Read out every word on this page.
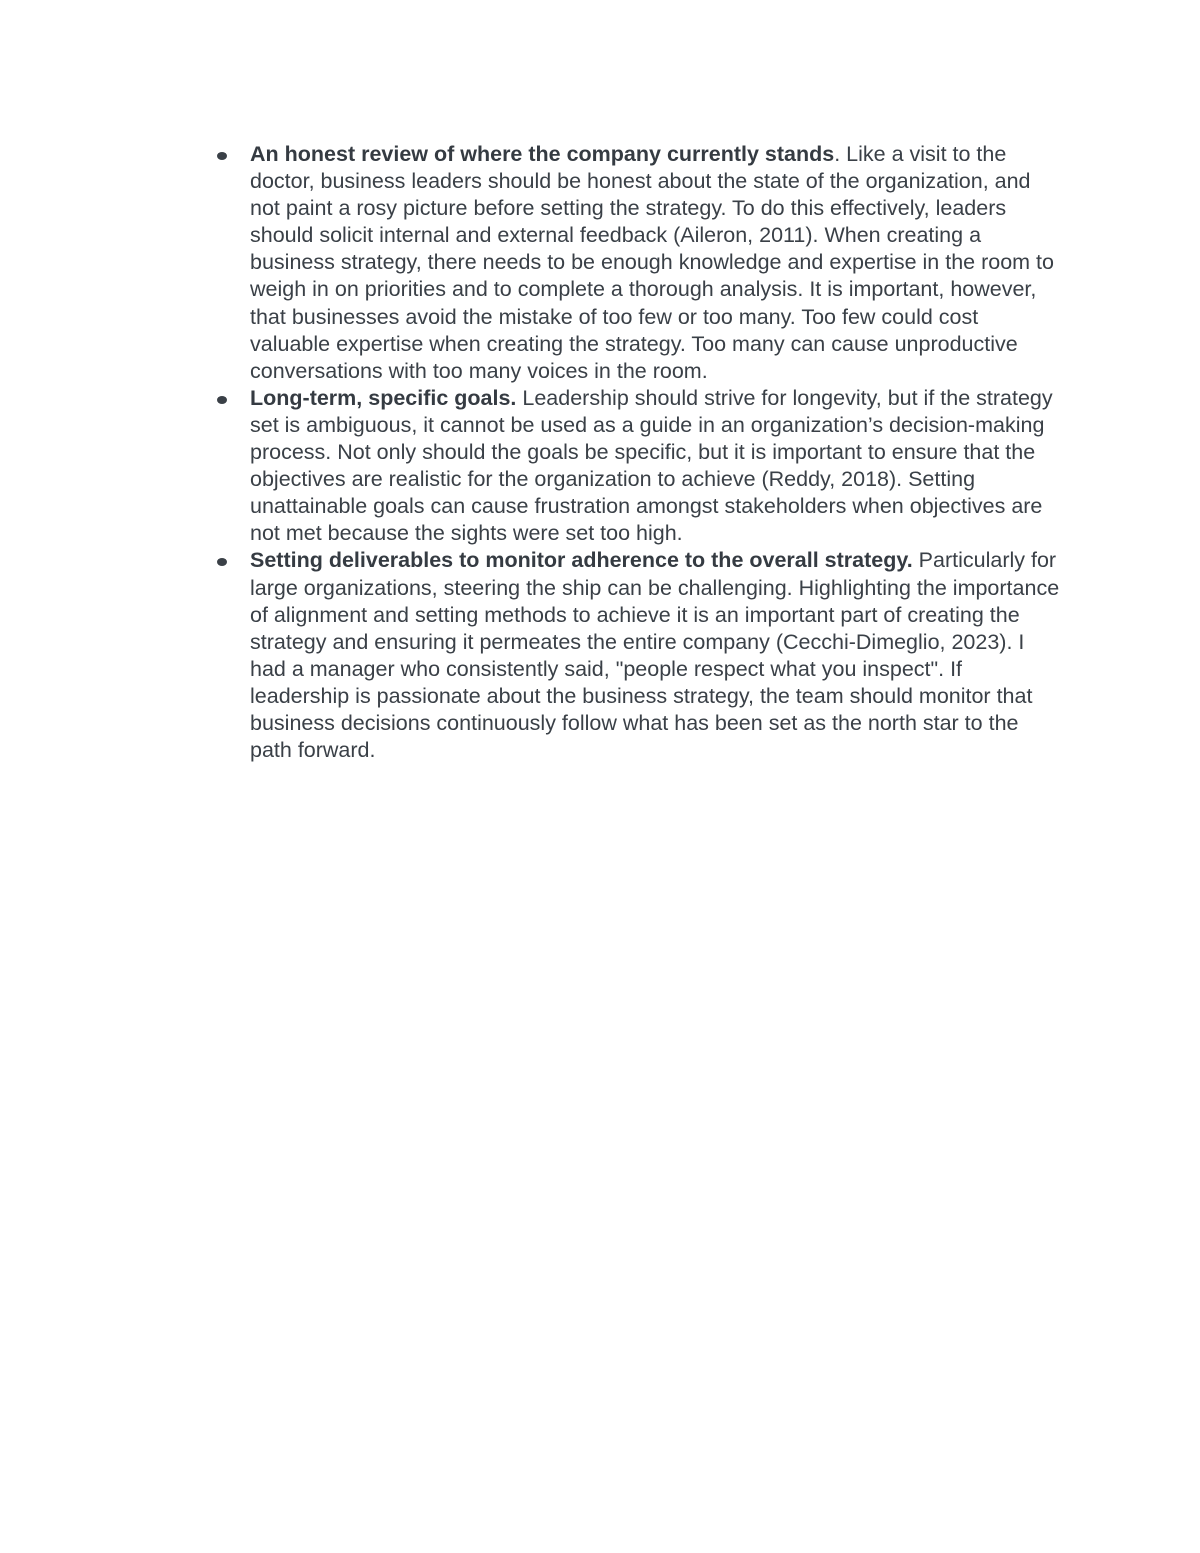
An honest review of where the company currently stands. Like a visit to the doctor, business leaders should be honest about the state of the organization, and not paint a rosy picture before setting the strategy. To do this effectively, leaders should solicit internal and external feedback (Aileron, 2011). When creating a business strategy, there needs to be enough knowledge and expertise in the room to weigh in on priorities and to complete a thorough analysis. It is important, however, that businesses avoid the mistake of too few or too many. Too few could cost valuable expertise when creating the strategy. Too many can cause unproductive conversations with too many voices in the room.
Long-term, specific goals. Leadership should strive for longevity, but if the strategy set is ambiguous, it cannot be used as a guide in an organization’s decision-making process. Not only should the goals be specific, but it is important to ensure that the objectives are realistic for the organization to achieve (Reddy, 2018). Setting unattainable goals can cause frustration amongst stakeholders when objectives are not met because the sights were set too high.
Setting deliverables to monitor adherence to the overall strategy. Particularly for large organizations, steering the ship can be challenging. Highlighting the importance of alignment and setting methods to achieve it is an important part of creating the strategy and ensuring it permeates the entire company (Cecchi-Dimeglio, 2023). I had a manager who consistently said, "people respect what you inspect". If leadership is passionate about the business strategy, the team should monitor that business decisions continuously follow what has been set as the north star to the path forward.
